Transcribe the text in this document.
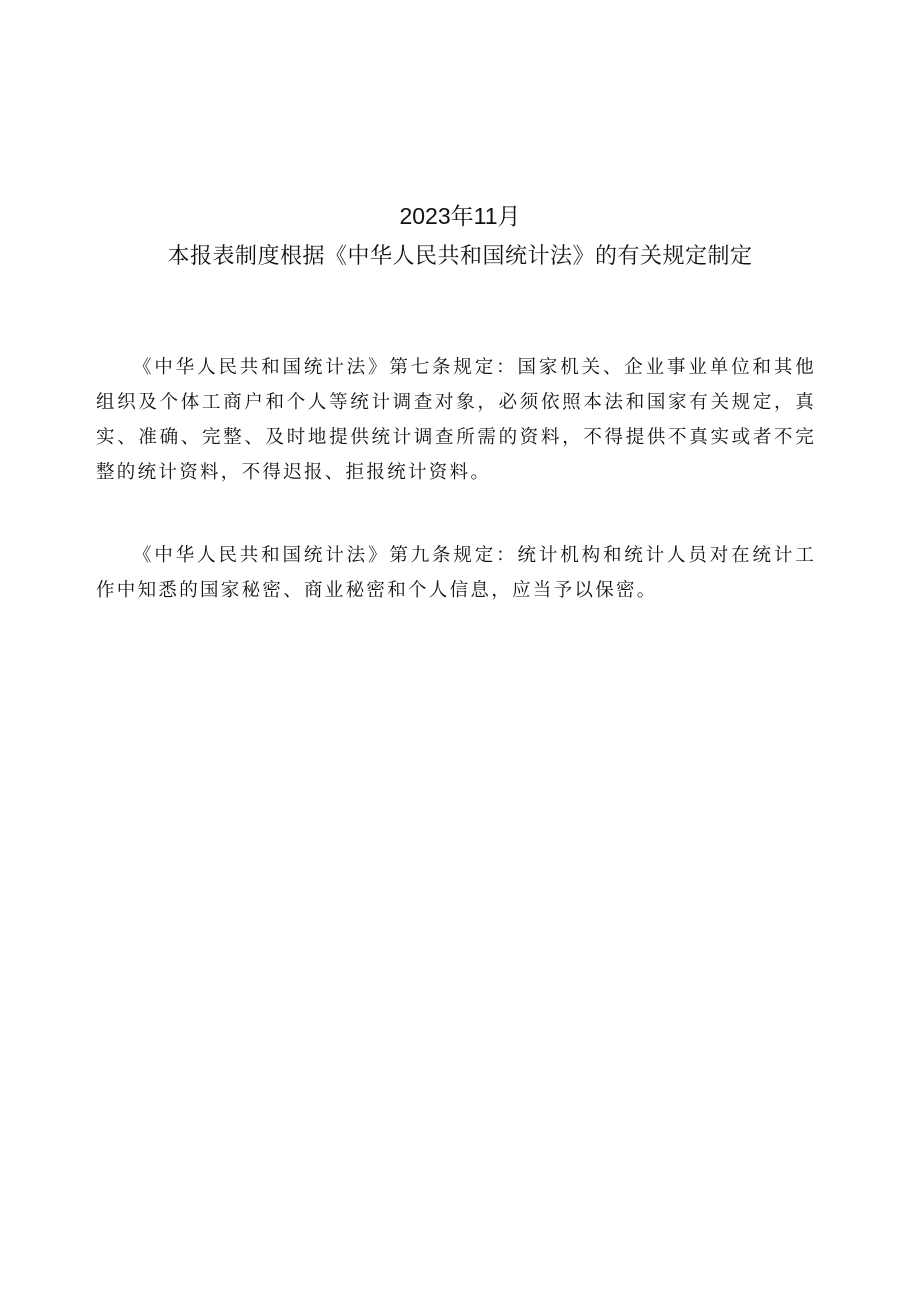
2023年11月
本报表制度根据《中华人民共和国统计法》的有关规定制定

《中华人民共和国统计法》第七条规定：国家机关、企业事业单位和其他组织及个体工商户和个人等统计调查对象，必须依照本法和国家有关规定，真实、准确、完整、及时地提供统计调查所需的资料，不得提供不真实或者不完整的统计资料，不得迟报、拒报统计资料。

《中华人民共和国统计法》第九条规定：统计机构和统计人员对在统计工作中知悉的国家秘密、商业秘密和个人信息，应当予以保密。
